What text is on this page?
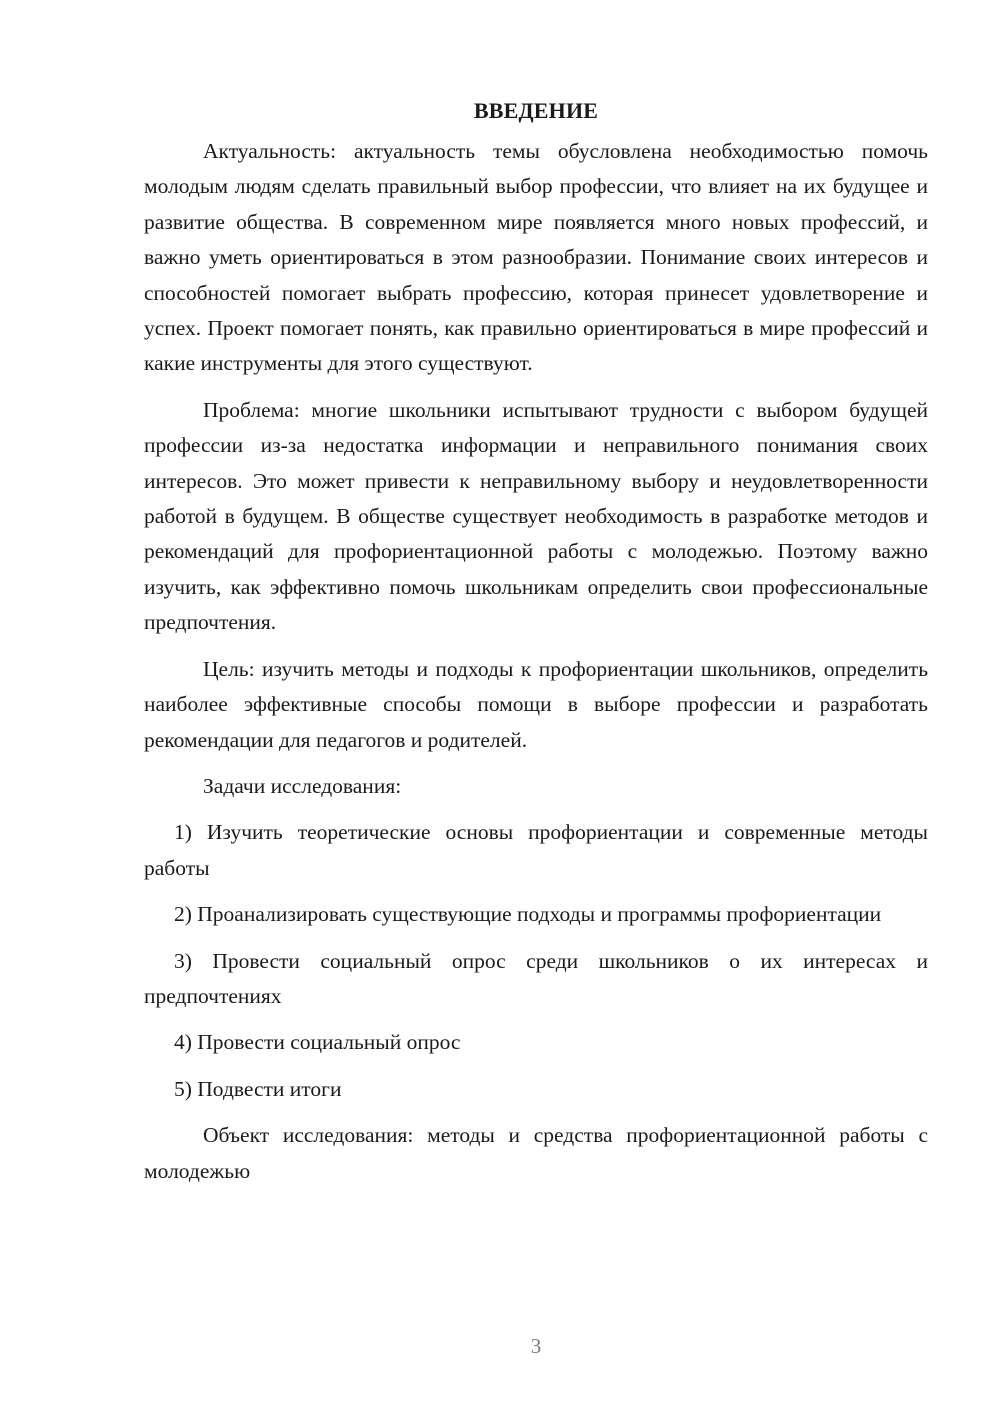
ВВЕДЕНИЕ

Актуальность: актуальность темы обусловлена необходимостью помочь молодым людям сделать правильный выбор профессии, что влияет на их будущее и развитие общества. В современном мире появляется много новых профессий, и важно уметь ориентироваться в этом разнообразии. Понимание своих интересов и способностей помогает выбрать профессию, которая принесет удовлетворение и успех. Проект помогает понять, как правильно ориентироваться в мире профессий и какие инструменты для этого существуют.

Проблема: многие школьники испытывают трудности с выбором будущей профессии из-за недостатка информации и неправильного понимания своих интересов. Это может привести к неправильному выбору и неудовлетворенности работой в будущем. В обществе существует необходимость в разработке методов и рекомендаций для профориентационной работы с молодежью. Поэтому важно изучить, как эффективно помочь школьникам определить свои профессиональные предпочтения.

Цель: изучить методы и подходы к профориентации школьников, определить наиболее эффективные способы помощи в выборе профессии и разработать рекомендации для педагогов и родителей.

Задачи исследования:

1) Изучить теоретические основы профориентации и современные методы работы

2) Проанализировать существующие подходы и программы профориентации

3) Провести социальный опрос среди школьников о их интересах и предпочтениях

4) Провести социальный опрос

5) Подвести итоги

Объект исследования: методы и средства профориентационной работы с молодежью

3
